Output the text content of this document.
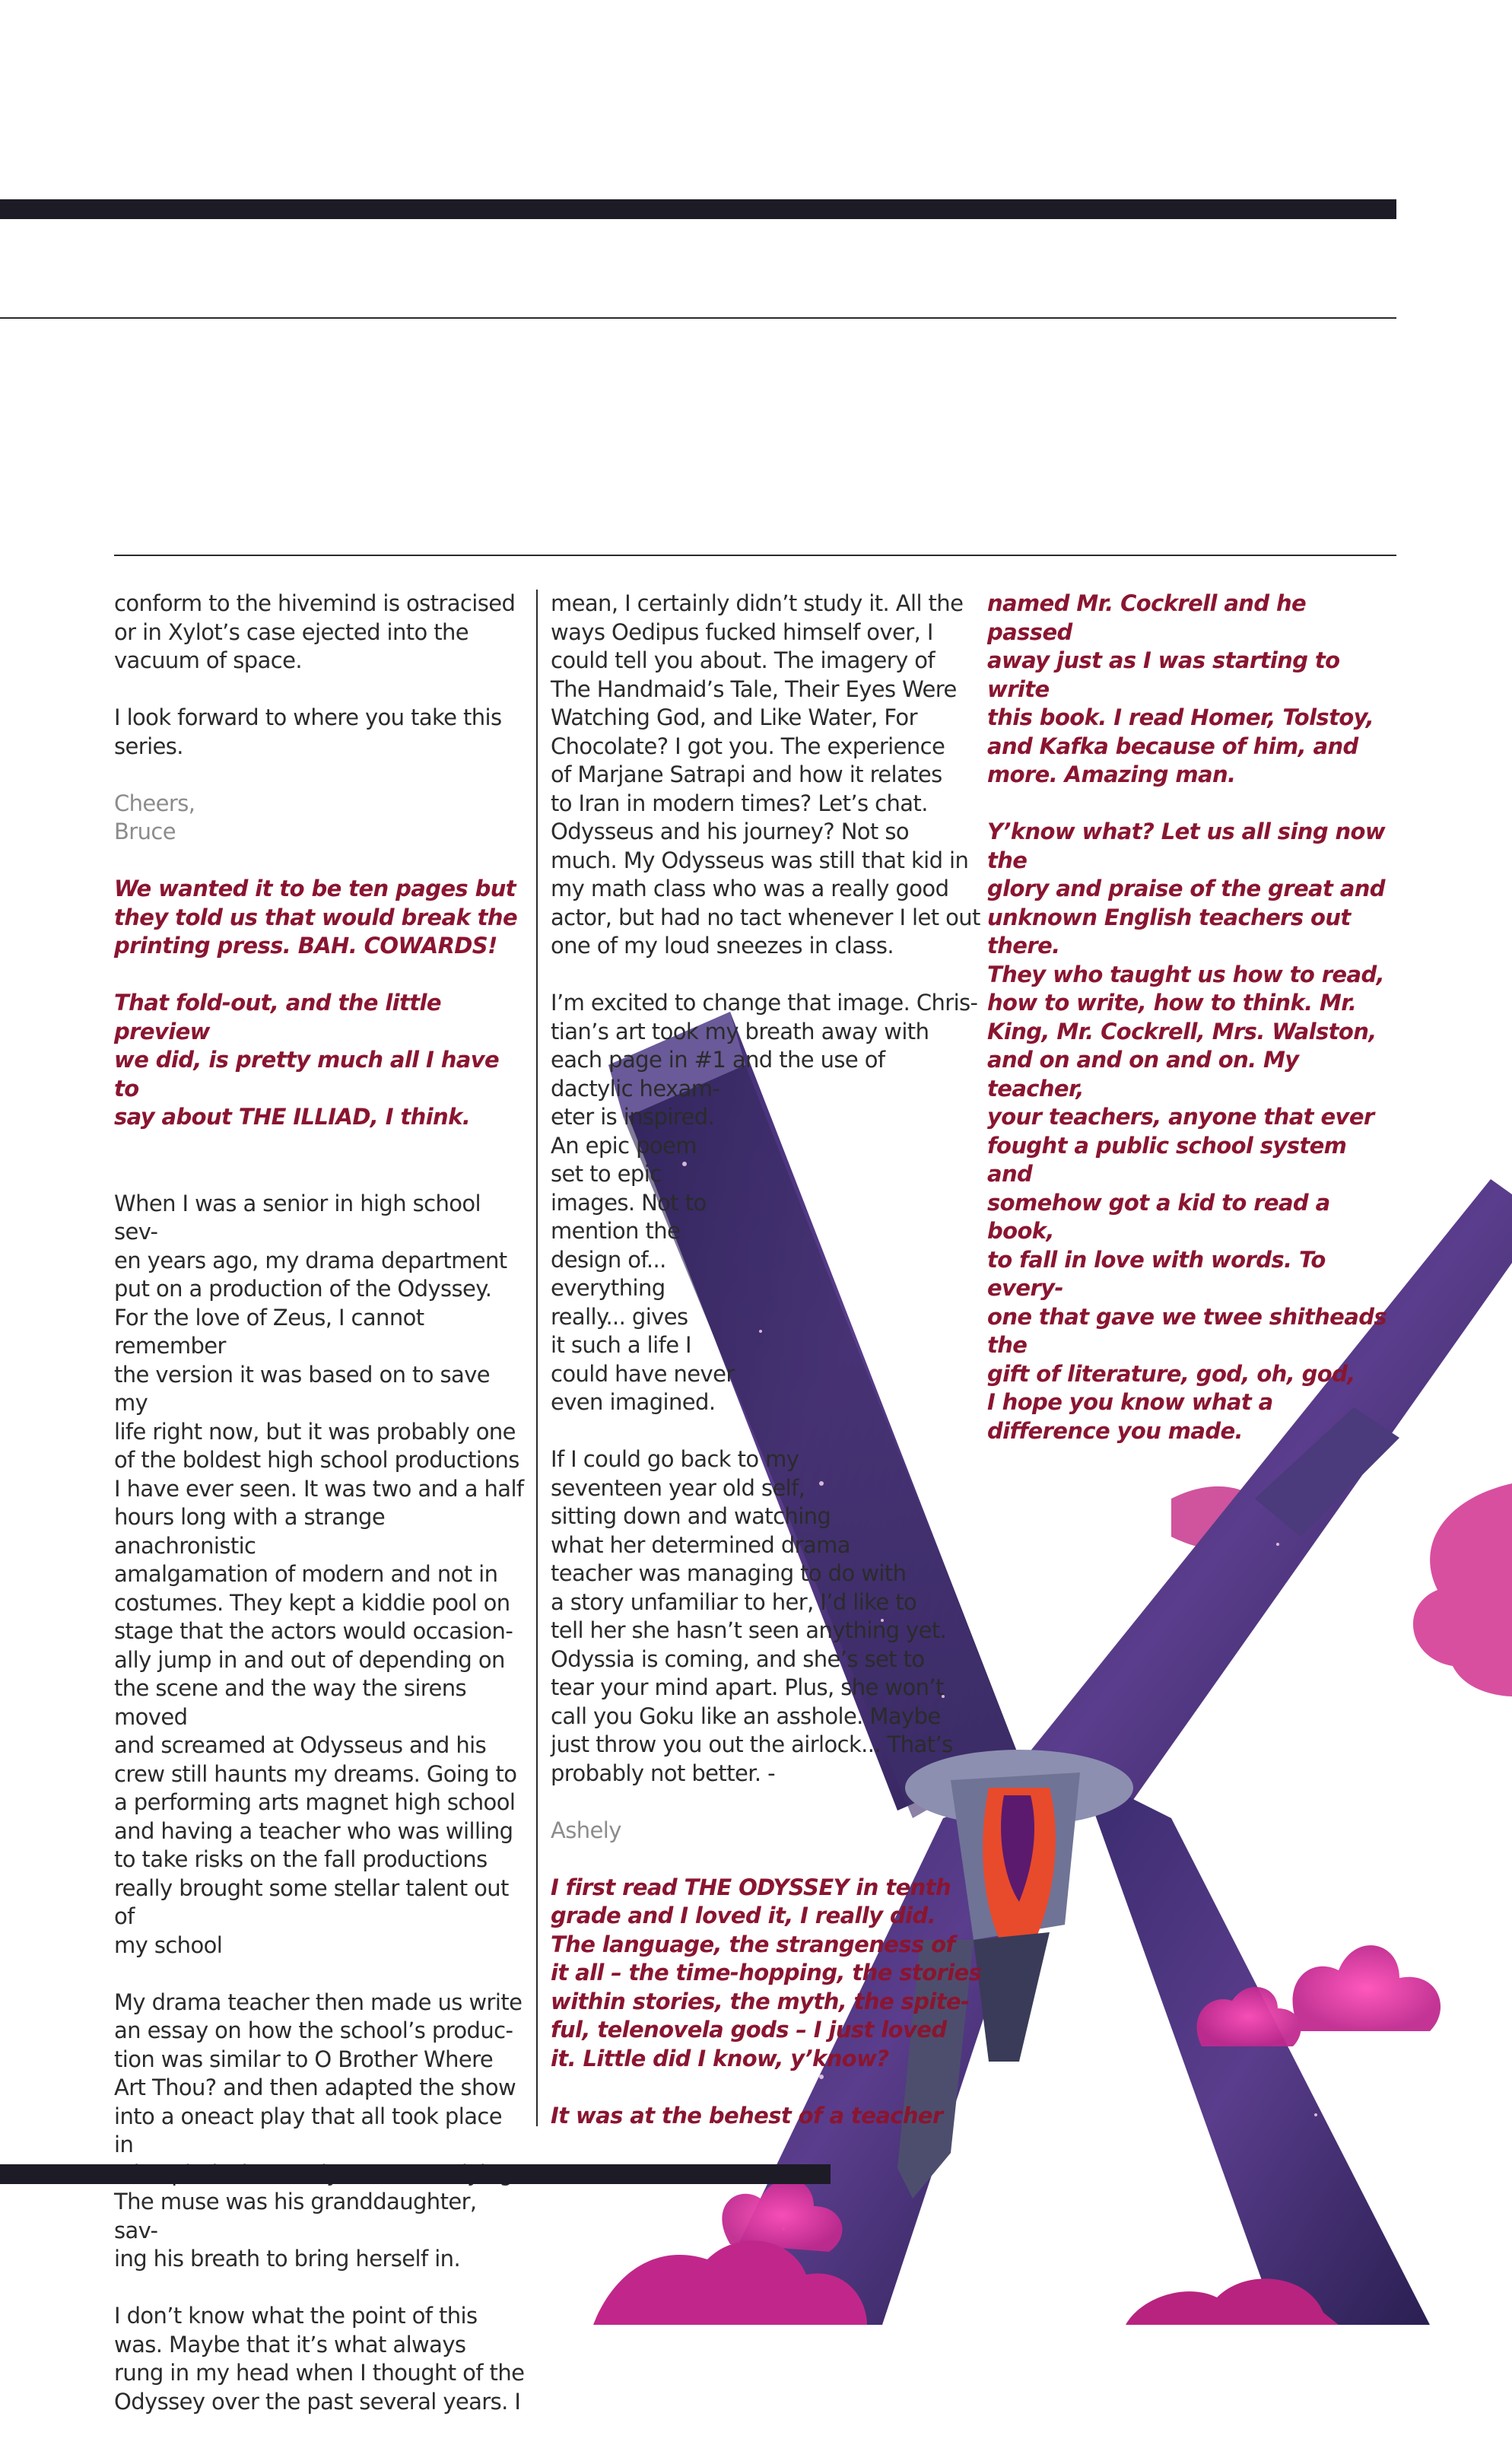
conform to the hivemind is ostracised
or in Xylot’s case ejected into the
vacuum of space.

I look forward to where you take this
series.

Cheers,
Bruce

We wanted it to be ten pages but
they told us that would break the
printing press. BAH. COWARDS!

That fold-out, and the little preview
we did, is pretty much all I have to
say about THE ILLIAD, I think.

When I was a senior in high school sev-
en years ago, my drama department
put on a production of the Odyssey.
For the love of Zeus, I cannot remember
the version it was based on to save my
life right now, but it was probably one
of the boldest high school productions
I have ever seen. It was two and a half
hours long with a strange anachronistic
amalgamation of modern and not in
costumes. They kept a kiddie pool on
stage that the actors would occasion-
ally jump in and out of depending on
the scene and the way the sirens moved
and screamed at Odysseus and his
crew still haunts my dreams. Going to
a performing arts magnet high school
and having a teacher who was willing
to take risks on the fall productions
really brought some stellar talent out of
my school

My drama teacher then made us write
an essay on how the school’s produc-
tion was similar to O Brother Where
Art Thou? and then adapted the show
into a oneact play that all took place in

The muse was his granddaughter, sav-
ing his breath to bring herself in.

I don’t know what the point of this
was. Maybe that it’s what always
rung in my head when I thought of the
Odyssey over the past several years. I

mean, I certainly didn’t study it. All the
ways Oedipus fucked himself over, I
could tell you about. The imagery of
The Handmaid’s Tale, Their Eyes Were
Watching God, and Like Water, For
Chocolate? I got you. The experience
of Marjane Satrapi and how it relates
to Iran in modern times? Let’s chat.
Odysseus and his journey? Not so
much. My Odysseus was still that kid in
my math class who was a really good
actor, but had no tact whenever I let out
one of my loud sneezes in class.

I’m excited to change that image. Chris-
tian’s art took my breath away with
each page in #1 and the use of
dactylic hexam-
eter is inspired.
An epic poem
set to epic
images. Not to
mention the
design of...
everything
really... gives
it such a life I
could have never
even imagined.

If I could go back to my
seventeen year old self,
sitting down and watching
what her determined drama
teacher was managing to do with
a story unfamiliar to her, I’d like to
tell her she hasn’t seen anything yet.
Odyssia is coming, and she’s set to
tear your mind apart. Plus, she won’t
call you Goku like an asshole. Maybe
just throw you out the airlock... That’s
probably not better. -

Ashely

I first read THE ODYSSEY in tenth
grade and I loved it, I really did.
The language, the strangeness of
it all – the time-hopping, the stories
within stories, the myth, the spite-
ful, telenovela gods – I just loved
it. Little did I know, y’know?

It was at the behest of a teacher

named Mr. Cockrell and he passed
away just as I was starting to write
this book. I read Homer, Tolstoy,
and Kafka because of him, and
more. Amazing man.

Y’know what? Let us all sing now the
glory and praise of the great and
unknown English teachers out there.
They who taught us how to read,
how to write, how to think. Mr.
King, Mr. Cockrell, Mrs. Walston,
and on and on and on. My teacher,
your teachers, anyone that ever
fought a public school system and
somehow got a kid to read a book,
to fall in love with words. To every-
one that gave we twee shitheads the
gift of literature, god, oh, god,
I hope you know what a
difference you made.
